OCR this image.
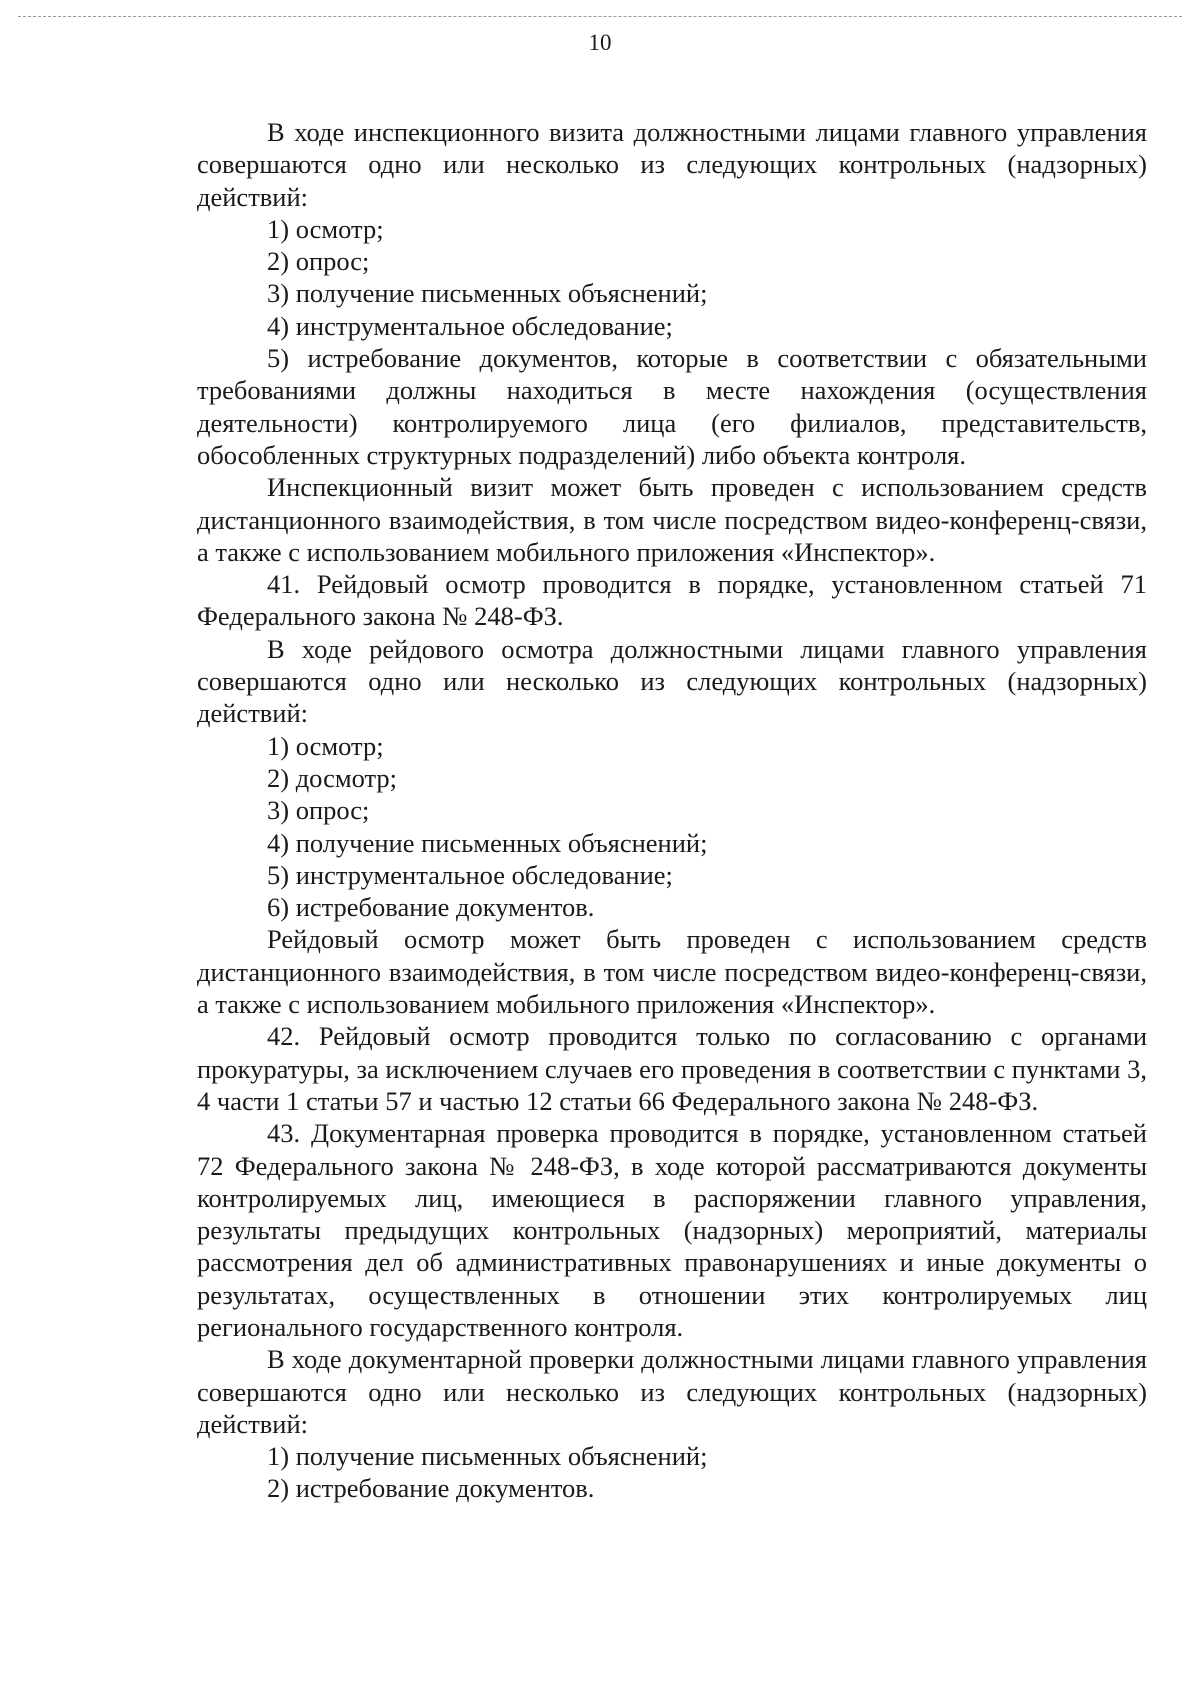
10

В ходе инспекционного визита должностными лицами главного управления совершаются одно или несколько из следующих контрольных (надзорных) действий:

1) осмотр;

2) опрос;

3) получение письменных объяснений;

4) инструментальное обследование;

5) истребование документов, которые в соответствии с обязательными требованиями должны находиться в месте нахождения (осуществления деятельности) контролируемого лица (его филиалов, представительств, обособленных структурных подразделений) либо объекта контроля.

Инспекционный визит может быть проведен с использованием средств дистанционного взаимодействия, в том числе посредством видео-конференц-связи, а также с использованием мобильного приложения «Инспектор».

41. Рейдовый осмотр проводится в порядке, установленном статьей 71 Федерального закона № 248-ФЗ.

В ходе рейдового осмотра должностными лицами главного управления совершаются одно или несколько из следующих контрольных (надзорных) действий:

1) осмотр;

2) досмотр;

3) опрос;

4) получение письменных объяснений;

5) инструментальное обследование;

6) истребование документов.

Рейдовый осмотр может быть проведен с использованием средств дистанционного взаимодействия, в том числе посредством видео-конференц-связи, а также с использованием мобильного приложения «Инспектор».

42. Рейдовый осмотр проводится только по согласованию с органами прокуратуры, за исключением случаев его проведения в соответствии с пунктами 3, 4 части 1 статьи 57 и частью 12 статьи 66 Федерального закона № 248-ФЗ.

43. Документарная проверка проводится в порядке, установленном статьей 72 Федерального закона № 248-ФЗ, в ходе которой рассматриваются документы контролируемых лиц, имеющиеся в распоряжении главного управления, результаты предыдущих контрольных (надзорных) мероприятий, материалы рассмотрения дел об административных правонарушениях и иные документы о результатах, осуществленных в отношении этих контролируемых лиц регионального государственного контроля.

В ходе документарной проверки должностными лицами главного управления совершаются одно или несколько из следующих контрольных (надзорных) действий:

1) получение письменных объяснений;

2) истребование документов.
